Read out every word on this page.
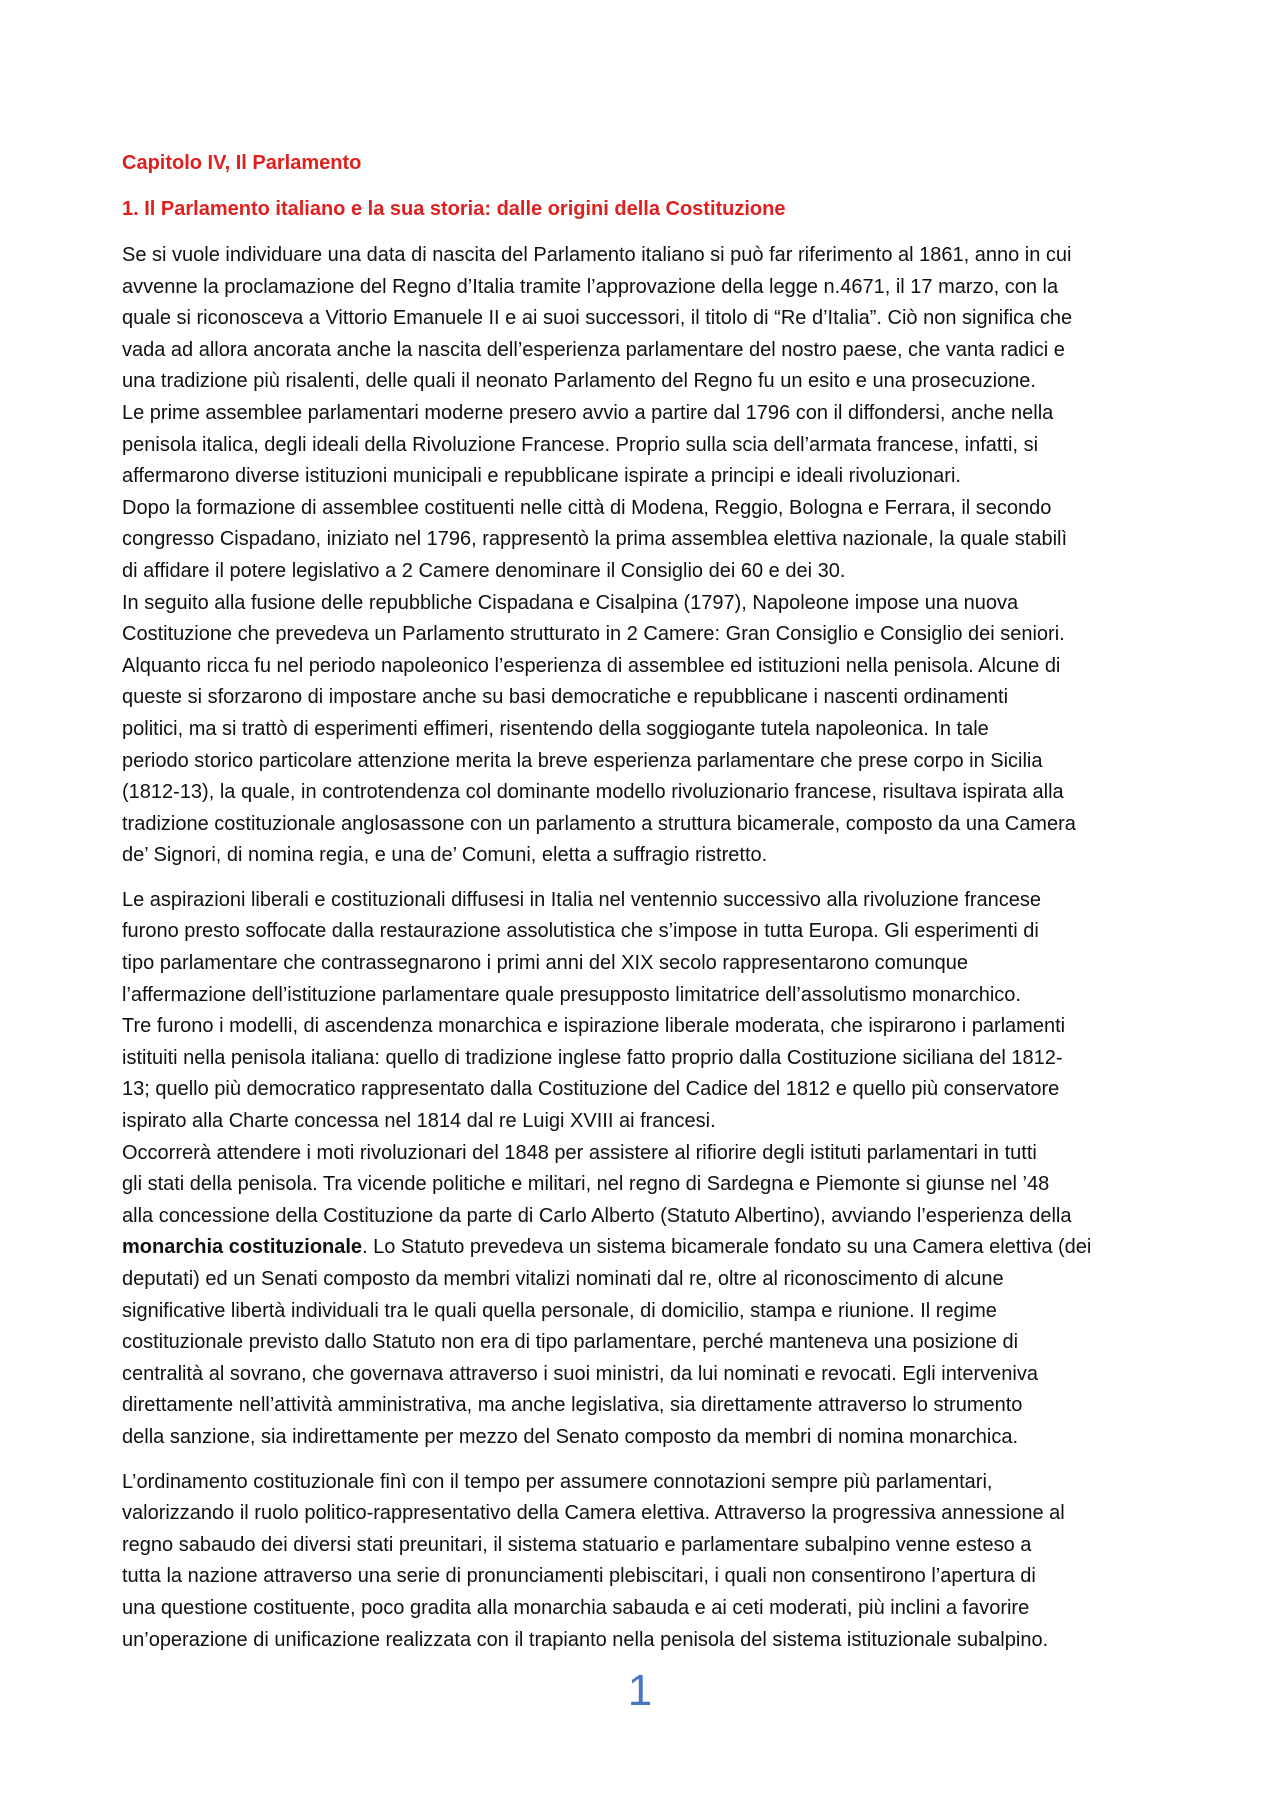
Capitolo IV, Il Parlamento
1. Il Parlamento italiano e la sua storia: dalle origini della Costituzione

Se si vuole individuare una data di nascita del Parlamento italiano si può far riferimento al 1861, anno in cui
avvenne la proclamazione del Regno d’Italia tramite l’approvazione della legge n.4671, il 17 marzo, con la
quale si riconosceva a Vittorio Emanuele II e ai suoi successori, il titolo di “Re d’Italia”. Ciò non significa che
vada ad allora ancorata anche la nascita dell’esperienza parlamentare del nostro paese, che vanta radici e
una tradizione più risalenti, delle quali il neonato Parlamento del Regno fu un esito e una prosecuzione.
Le prime assemblee parlamentari moderne presero avvio a partire dal 1796 con il diffondersi, anche nella
penisola italica, degli ideali della Rivoluzione Francese. Proprio sulla scia dell’armata francese, infatti, si
affermarono diverse istituzioni municipali e repubblicane ispirate a principi e ideali rivoluzionari.
Dopo la formazione di assemblee costituenti nelle città di Modena, Reggio, Bologna e Ferrara, il secondo
congresso Cispadano, iniziato nel 1796, rappresentò la prima assemblea elettiva nazionale, la quale stabilì
di affidare il potere legislativo a 2 Camere denominare il Consiglio dei 60 e dei 30.
In seguito alla fusione delle repubbliche Cispadana e Cisalpina (1797), Napoleone impose una nuova
Costituzione che prevedeva un Parlamento strutturato in 2 Camere: Gran Consiglio e Consiglio dei seniori.
Alquanto ricca fu nel periodo napoleonico l’esperienza di assemblee ed istituzioni nella penisola. Alcune di
queste si sforzarono di impostare anche su basi democratiche e repubblicane i nascenti ordinamenti
politici, ma si trattò di esperimenti effimeri, risentendo della soggiogante tutela napoleonica. In tale
periodo storico particolare attenzione merita la breve esperienza parlamentare che prese corpo in Sicilia
(1812-13), la quale, in controtendenza col dominante modello rivoluzionario francese, risultava ispirata alla
tradizione costituzionale anglosassone con un parlamento a struttura bicamerale, composto da una Camera
de’ Signori, di nomina regia, e una de’ Comuni, eletta a suffragio ristretto.

Le aspirazioni liberali e costituzionali diffusesi in Italia nel ventennio successivo alla rivoluzione francese
furono presto soffocate dalla restaurazione assolutistica che s’impose in tutta Europa. Gli esperimenti di
tipo parlamentare che contrassegnarono i primi anni del XIX secolo rappresentarono comunque
l’affermazione dell’istituzione parlamentare quale presupposto limitatrice dell’assolutismo monarchico.
Tre furono i modelli, di ascendenza monarchica e ispirazione liberale moderata, che ispirarono i parlamenti
istituiti nella penisola italiana: quello di tradizione inglese fatto proprio dalla Costituzione siciliana del 1812-
13; quello più democratico rappresentato dalla Costituzione del Cadice del 1812 e quello più conservatore
ispirato alla Charte concessa nel 1814 dal re Luigi XVIII ai francesi.
Occorrerà attendere i moti rivoluzionari del 1848 per assistere al rifiorire degli istituti parlamentari in tutti
gli stati della penisola. Tra vicende politiche e militari, nel regno di Sardegna e Piemonte si giunse nel ’48
alla concessione della Costituzione da parte di Carlo Alberto (Statuto Albertino), avviando l’esperienza della
monarchia costituzionale. Lo Statuto prevedeva un sistema bicamerale fondato su una Camera elettiva (dei
deputati) ed un Senati composto da membri vitalizi nominati dal re, oltre al riconoscimento di alcune
significative libertà individuali tra le quali quella personale, di domicilio, stampa e riunione. Il regime
costituzionale previsto dallo Statuto non era di tipo parlamentare, perché manteneva una posizione di
centralità al sovrano, che governava attraverso i suoi ministri, da lui nominati e revocati. Egli interveniva
direttamente nell’attività amministrativa, ma anche legislativa, sia direttamente attraverso lo strumento
della sanzione, sia indirettamente per mezzo del Senato composto da membri di nomina monarchica.

L’ordinamento costituzionale finì con il tempo per assumere connotazioni sempre più parlamentari,
valorizzando il ruolo politico-rappresentativo della Camera elettiva. Attraverso la progressiva annessione al
regno sabaudo dei diversi stati preunitari, il sistema statuario e parlamentare subalpino venne esteso a
tutta la nazione attraverso una serie di pronunciamenti plebiscitari, i quali non consentirono l’apertura di
una questione costituente, poco gradita alla monarchia sabauda e ai ceti moderati, più inclini a favorire
un’operazione di unificazione realizzata con il trapianto nella penisola del sistema istituzionale subalpino.

1
